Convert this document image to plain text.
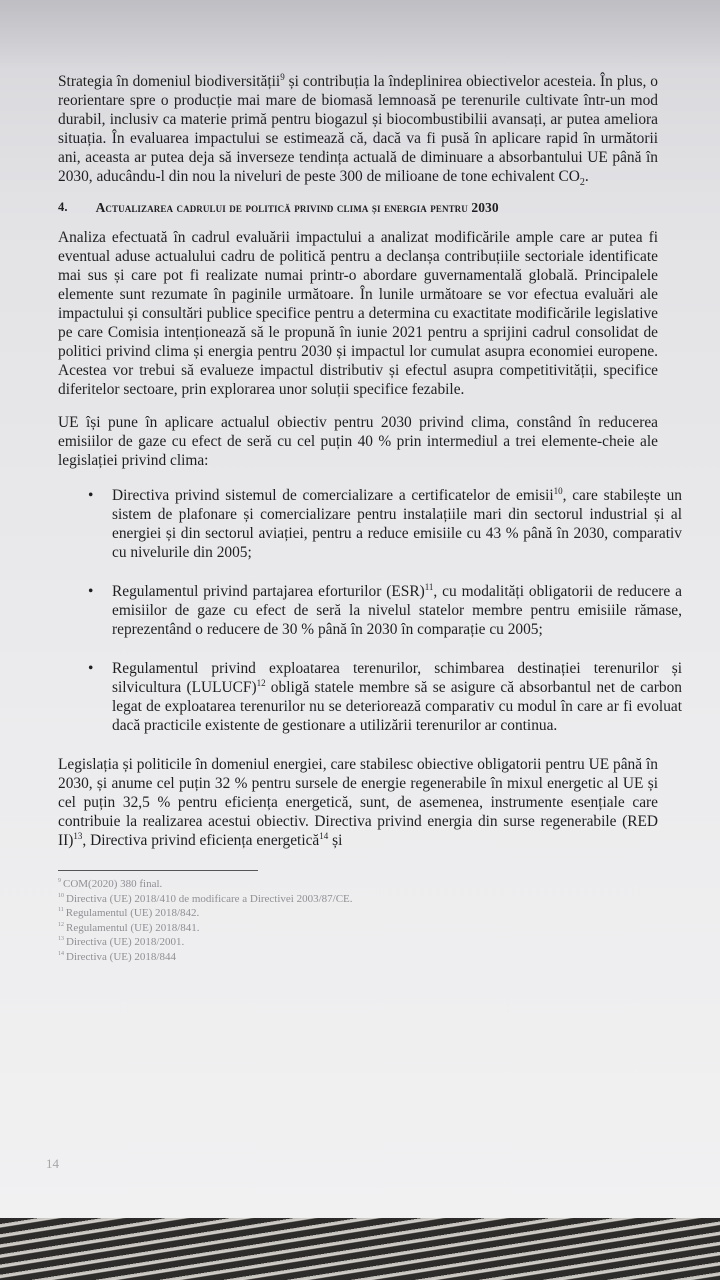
Strategia în domeniul biodiversității$^9$ și contribuția la îndeplinirea obiectivelor acesteia. În plus, o reorientare spre o producție mai mare de biomasă lemnoasă pe terenurile cultivate într-un mod durabil, inclusiv ca materie primă pentru biogazul și biocombustibilii avansați, ar putea ameliora situația. În evaluarea impactului se estimează că, dacă va fi pusă în aplicare rapid în următorii ani, aceasta ar putea deja să inverseze tendința actuală de diminuare a absorbantului UE până în 2030, aducându-l din nou la niveluri de peste 300 de milioane de tone echivalent $CO_2$.

4. Actualizarea cadrului de politică privind clima și energia pentru 2030

Analiza efectuată în cadrul evaluării impactului a analizat modificările ample care ar putea fi eventual aduse actualului cadru de politică pentru a declanșa contribuțiile sectoriale identificate mai sus și care pot fi realizate numai printr-o abordare guvernamentală globală. Principalele elemente sunt rezumate în paginile următoare. În lunile următoare se vor efectua evaluări ale impactului și consultări publice specifice pentru a determina cu exactitate modificările legislative pe care Comisia intenționează să le propună în iunie 2021 pentru a sprijini cadrul consolidat de politici privind clima și energia pentru 2030 și impactul lor cumulat asupra economiei europene. Acestea vor trebui să evalueze impactul distributiv și efectul asupra competitivității, specifice diferitelor sectoare, prin explorarea unor soluții specifice fezabile.

UE își pune în aplicare actualul obiectiv pentru 2030 privind clima, constând în reducerea emisiilor de gaze cu efect de seră cu cel puțin 40 % prin intermediul a trei elemente-cheie ale legislației privind clima:

• Directiva privind sistemul de comercializare a certificatelor de emisii$^{10}$, care stabilește un sistem de plafonare și comercializare pentru instalațiile mari din sectorul industrial și al energiei și din sectorul aviației, pentru a reduce emisiile cu 43 % până în 2030, comparativ cu nivelurile din 2005;
• Regulamentul privind partajarea eforturilor (ESR)$^{11}$, cu modalități obligatorii de reducere a emisiilor de gaze cu efect de seră la nivelul statelor membre pentru emisiile rămase, reprezentând o reducere de 30 % până în 2030 în comparație cu 2005;
• Regulamentul privind exploatarea terenurilor, schimbarea destinației terenurilor și silvicultura (LULUCF)$^{12}$ obligă statele membre să se asigure că absorbantul net de carbon legat de exploatarea terenurilor nu se deteriorează comparativ cu modul în care ar fi evoluat dacă practicile existente de gestionare a utilizării terenurilor ar continua.

Legislația și politicile în domeniul energiei, care stabilesc obiective obligatorii pentru UE până în 2030, și anume cel puțin 32 % pentru sursele de energie regenerabile în mixul energetic al UE și cel puțin 32,5 % pentru eficiența energetică, sunt, de asemenea, instrumente esențiale care contribuie la realizarea acestui obiectiv. Directiva privind energia din surse regenerabile (RED II)$^{13}$, Directiva privind eficiența energetică$^{14}$ și

$^9$ COM(2020) 380 final.
$^{10}$ Directiva (UE) 2018/410 de modificare a Directivei 2003/87/CE.
$^{11}$ Regulamentul (UE) 2018/842.
$^{12}$ Regulamentul (UE) 2018/841.
$^{13}$ Directiva (UE) 2018/2001.
$^{14}$ Directiva (UE) 2018/844
14
